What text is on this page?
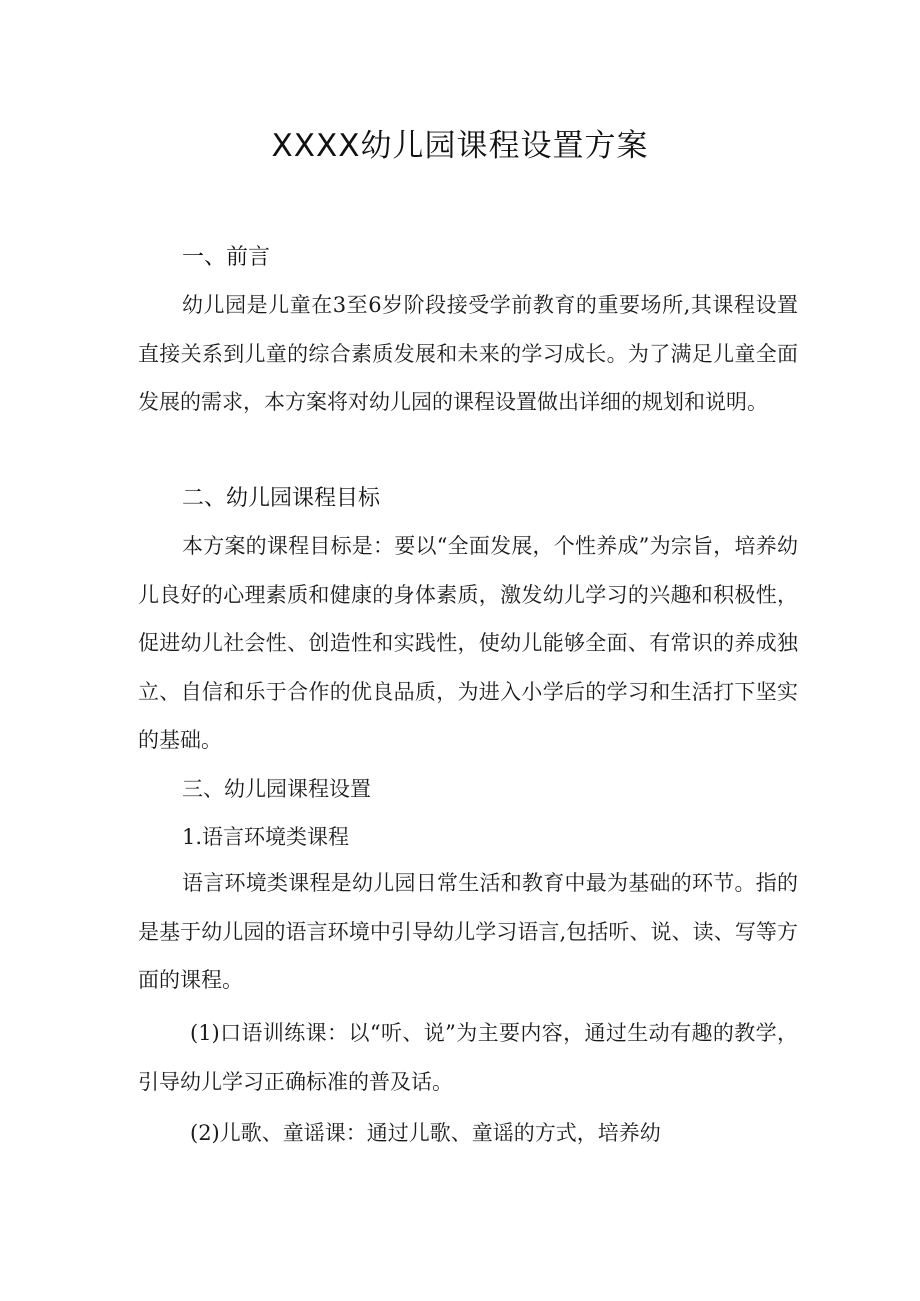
XXXX幼儿园课程设置方案
一、前言

幼儿园是儿童在3至6岁阶段接受学前教育的重要场所,其课程设置直接关系到儿童的综合素质发展和未来的学习成长。为了满足儿童全面发展的需求，本方案将对幼儿园的课程设置做出详细的规划和说明。

二、幼儿园课程目标

本方案的课程目标是：要以“全面发展，个性养成”为宗旨，培养幼儿良好的心理素质和健康的身体素质，激发幼儿学习的兴趣和积极性，促进幼儿社会性、创造性和实践性，使幼儿能够全面、有常识的养成独立、自信和乐于合作的优良品质，为进入小学后的学习和生活打下坚实的基础。

三、幼儿园课程设置
1.语言环境类课程

语言环境类课程是幼儿园日常生活和教育中最为基础的环节。指的是基于幼儿园的语言环境中引导幼儿学习语言,包括听、说、读、写等方面的课程。

(1)口语训练课：以“听、说”为主要内容，通过生动有趣的教学，引导幼儿学习正确标准的普及话。

(2)儿歌、童谣课：通过儿歌、童谣的方式，培养幼
